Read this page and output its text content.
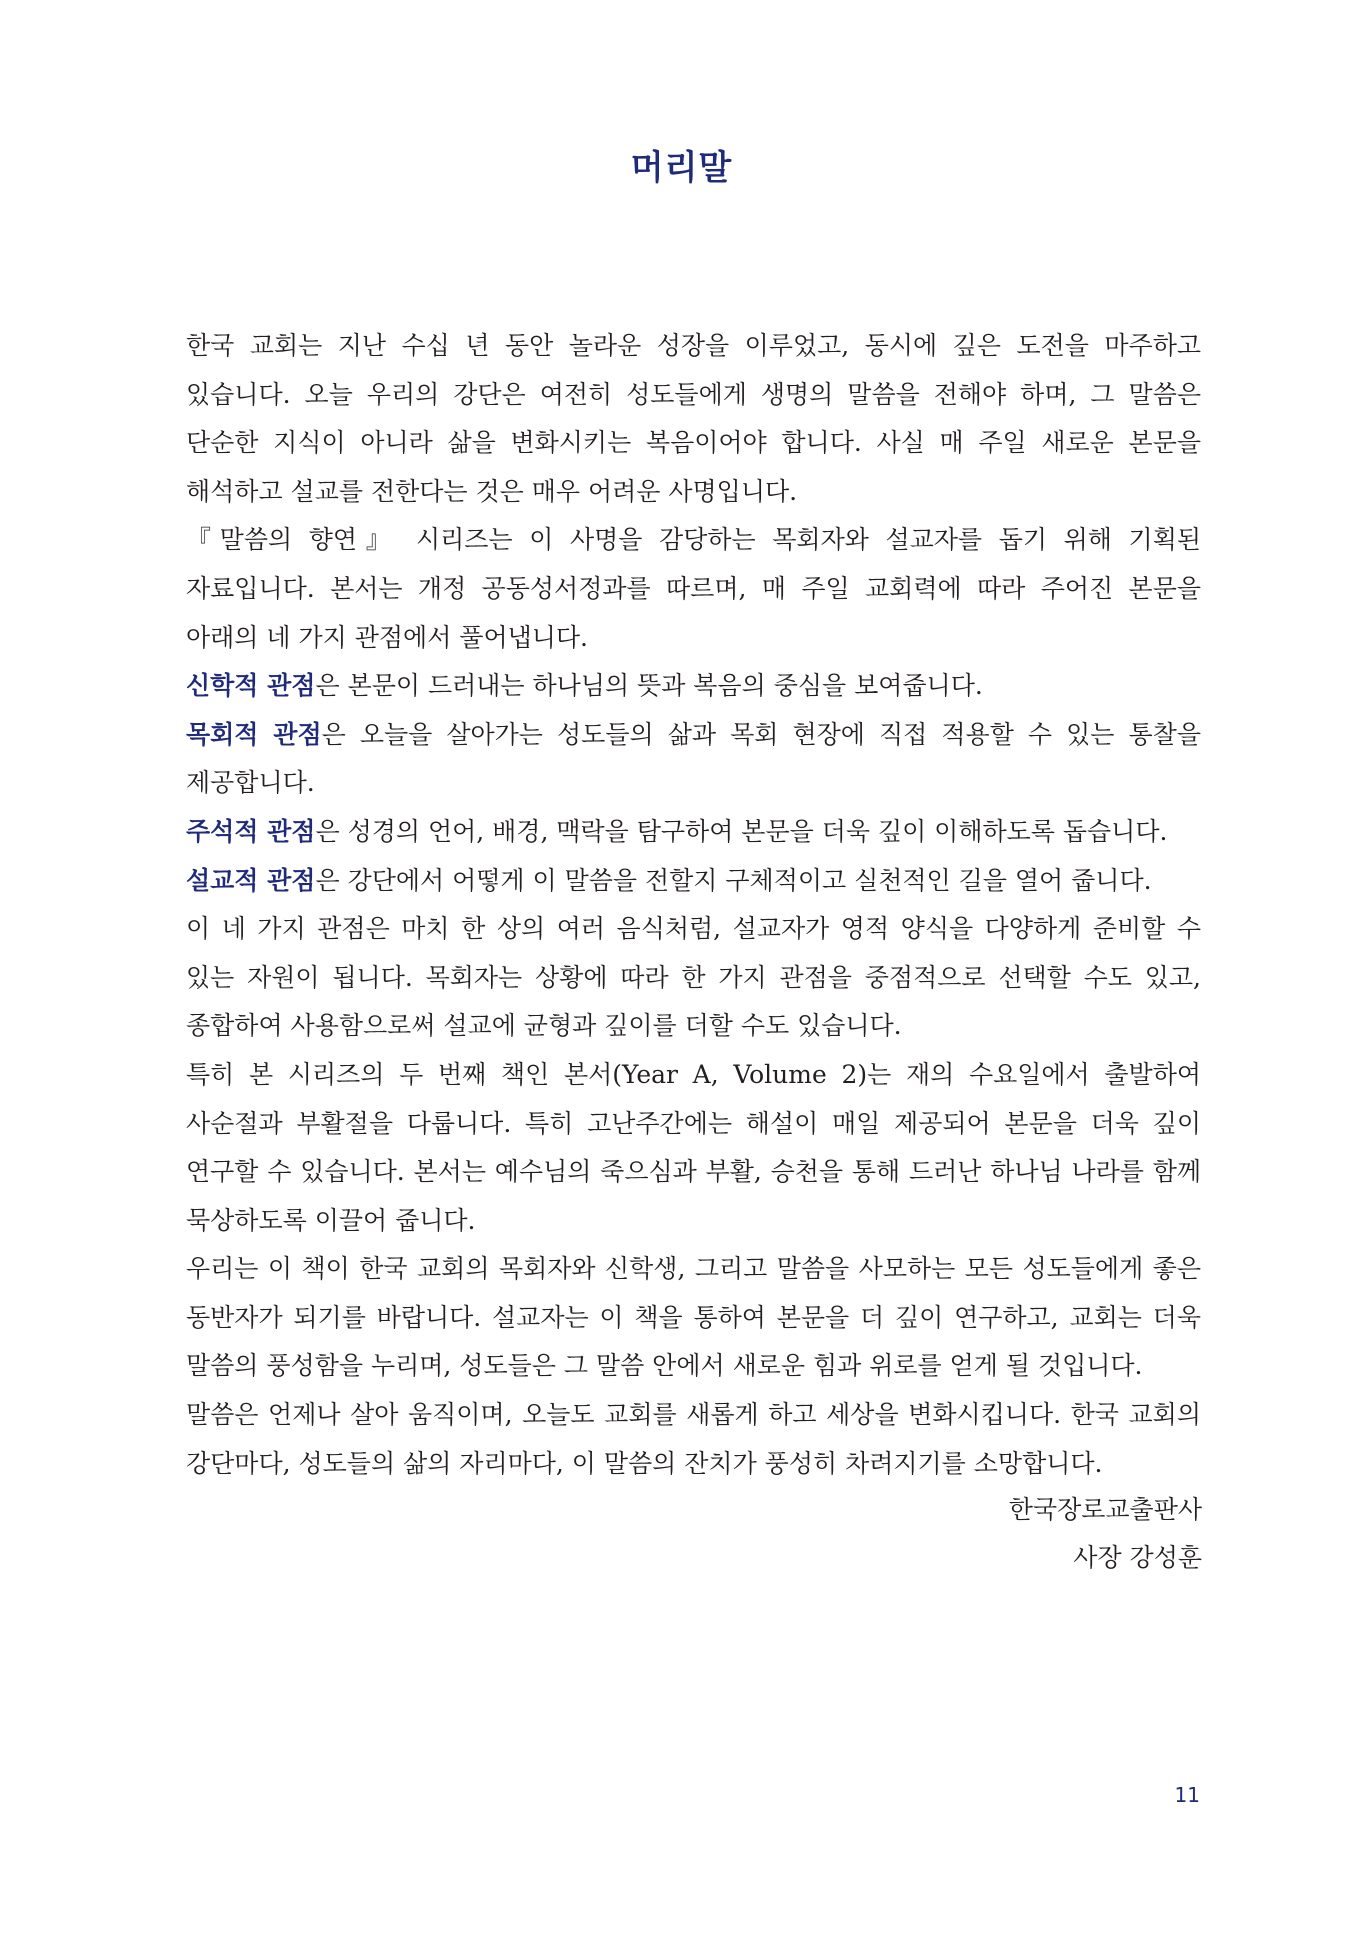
머리말

한국 교회는 지난 수십 년 동안 놀라운 성장을 이루었고, 동시에 깊은 도전을 마주하고 있습니다. 오늘 우리의 강단은 여전히 성도들에게 생명의 말씀을 전해야 하며, 그 말씀은 단순한 지식이 아니라 삶을 변화시키는 복음이어야 합니다. 사실 매 주일 새로운 본문을 해석하고 설교를 전한다는 것은 매우 어려운 사명입니다.

『말씀의 향연』 시리즈는 이 사명을 감당하는 목회자와 설교자를 돕기 위해 기획된 자료입니다. 본서는 개정 공동성서정과를 따르며, 매 주일 교회력에 따라 주어진 본문을 아래의 네 가지 관점에서 풀어냅니다.

신학적 관점은 본문이 드러내는 하나님의 뜻과 복음의 중심을 보여줍니다.

목회적 관점은 오늘을 살아가는 성도들의 삶과 목회 현장에 직접 적용할 수 있는 통찰을 제공합니다.

주석적 관점은 성경의 언어, 배경, 맥락을 탐구하여 본문을 더욱 깊이 이해하도록 돕습니다.

설교적 관점은 강단에서 어떻게 이 말씀을 전할지 구체적이고 실천적인 길을 열어 줍니다.

이 네 가지 관점은 마치 한 상의 여러 음식처럼, 설교자가 영적 양식을 다양하게 준비할 수 있는 자원이 됩니다. 목회자는 상황에 따라 한 가지 관점을 중점적으로 선택할 수도 있고, 종합하여 사용함으로써 설교에 균형과 깊이를 더할 수도 있습니다.

특히 본 시리즈의 두 번째 책인 본서(Year A, Volume 2)는 재의 수요일에서 출발하여 사순절과 부활절을 다룹니다. 특히 고난주간에는 해설이 매일 제공되어 본문을 더욱 깊이 연구할 수 있습니다. 본서는 예수님의 죽으심과 부활, 승천을 통해 드러난 하나님 나라를 함께 묵상하도록 이끌어 줍니다.

우리는 이 책이 한국 교회의 목회자와 신학생, 그리고 말씀을 사모하는 모든 성도들에게 좋은 동반자가 되기를 바랍니다. 설교자는 이 책을 통하여 본문을 더 깊이 연구하고, 교회는 더욱 말씀의 풍성함을 누리며, 성도들은 그 말씀 안에서 새로운 힘과 위로를 얻게 될 것입니다.

말씀은 언제나 살아 움직이며, 오늘도 교회를 새롭게 하고 세상을 변화시킵니다. 한국 교회의 강단마다, 성도들의 삶의 자리마다, 이 말씀의 잔치가 풍성히 차려지기를 소망합니다.

한국장로교출판사
사장 강성훈
11
